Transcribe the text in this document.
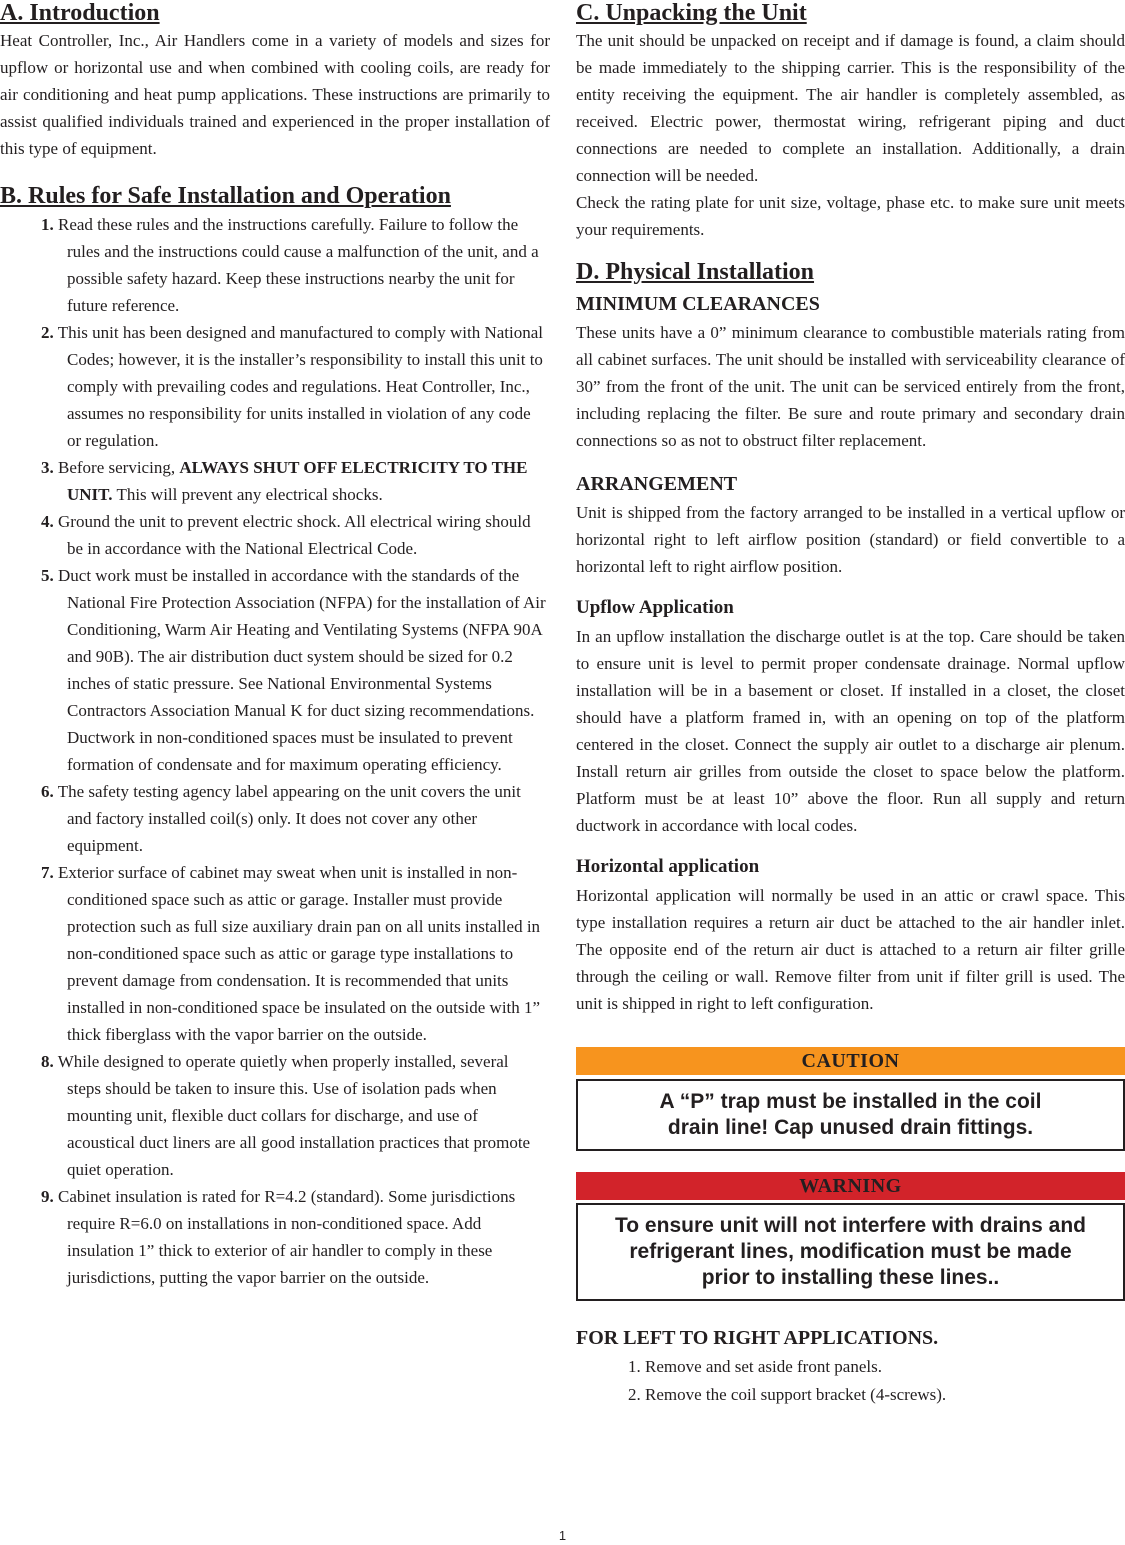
A. Introduction

Heat Controller, Inc., Air Handlers come in a variety of models and sizes for upflow or horizontal use and when combined with cooling coils, are ready for air conditioning and heat pump applications. These instructions are primarily to assist qualified individuals trained and experienced in the proper installation of this type of equipment.

B. Rules for Safe Installation and Operation
1. Read these rules and the instructions carefully. Failure to follow the rules and the instructions could cause a malfunction of the unit, and a possible safety hazard. Keep these instructions nearby the unit for future reference.
2. This unit has been designed and manufactured to comply with National Codes; however, it is the installer’s responsibility to install this unit to comply with prevailing codes and regulations. Heat Controller, Inc., assumes no responsibility for units installed in violation of any code or regulation.
3. Before servicing, ALWAYS SHUT OFF ELECTRICITY TO THE UNIT. This will prevent any electrical shocks.
4. Ground the unit to prevent electric shock. All electrical wiring should be in accordance with the National Electrical Code.
5. Duct work must be installed in accordance with the standards of the National Fire Protection Association (NFPA) for the installation of Air Conditioning, Warm Air Heating and Ventilating Systems (NFPA 90A and 90B). The air distribution duct system should be sized for 0.2 inches of static pressure. See National Environmental Systems Contractors Association Manual K for duct sizing recommendations. Ductwork in non-conditioned spaces must be insulated to prevent formation of condensate and for maximum operating efficiency.
6. The safety testing agency label appearing on the unit covers the unit and factory installed coil(s) only. It does not cover any other equipment.
7. Exterior surface of cabinet may sweat when unit is installed in non-conditioned space such as attic or garage. Installer must provide protection such as full size auxiliary drain pan on all units installed in non-conditioned space such as attic or garage type installations to prevent damage from condensation. It is recommended that units installed in non-conditioned space be insulated on the outside with 1” thick fiberglass with the vapor barrier on the outside.
8. While designed to operate quietly when properly installed, several steps should be taken to insure this. Use of isolation pads when mounting unit, flexible duct collars for discharge, and use of acoustical duct liners are all good installation practices that promote quiet operation.
9. Cabinet insulation is rated for R=4.2 (standard). Some jurisdictions require R=6.0 on installations in non-conditioned space. Add insulation 1” thick to exterior of air handler to comply in these jurisdictions, putting the vapor barrier on the outside.
C. Unpacking the Unit

The unit should be unpacked on receipt and if damage is found, a claim should be made immediately to the shipping carrier. This is the responsibility of the entity receiving the equipment. The air handler is completely assembled, as received. Electric power, thermostat wiring, refrigerant piping and duct connections are needed to complete an installation. Additionally, a drain connection will be needed.

Check the rating plate for unit size, voltage, phase etc. to make sure unit meets your requirements.

D. Physical Installation
MINIMUM CLEARANCES

These units have a 0” minimum clearance to combustible materials rating from all cabinet surfaces. The unit should be installed with serviceability clearance of 30” from the front of the unit. The unit can be serviced entirely from the front, including replacing the filter. Be sure and route primary and secondary drain connections so as not to obstruct filter replacement.

ARRANGEMENT

Unit is shipped from the factory arranged to be installed in a vertical upflow or horizontal right to left airflow position (standard) or field convertible to a horizontal left to right airflow position.

Upflow Application

In an upflow installation the discharge outlet is at the top. Care should be taken to ensure unit is level to permit proper condensate drainage. Normal upflow installation will be in a basement or closet. If installed in a closet, the closet should have a platform framed in, with an opening on top of the platform centered in the closet. Connect the supply air outlet to a discharge air plenum. Install return air grilles from outside the closet to space below the platform. Platform must be at least 10” above the floor. Run all supply and return ductwork in accordance with local codes.

Horizontal application

Horizontal application will normally be used in an attic or crawl space. This type installation requires a return air duct be attached to the air handler inlet. The opposite end of the return air duct is attached to a return air filter grille through the ceiling or wall. Remove filter from unit if filter grill is used. The unit is shipped in right to left configuration.

CAUTION
A “P” trap must be installed in the coil
drain line! Cap unused drain fittings.
WARNING
To ensure unit will not interfere with drains and
refrigerant lines, modification must be made
prior to installing these lines..
FOR LEFT TO RIGHT APPLICATIONS.
1. Remove and set aside front panels.
2. Remove the coil support bracket (4-screws).
1
